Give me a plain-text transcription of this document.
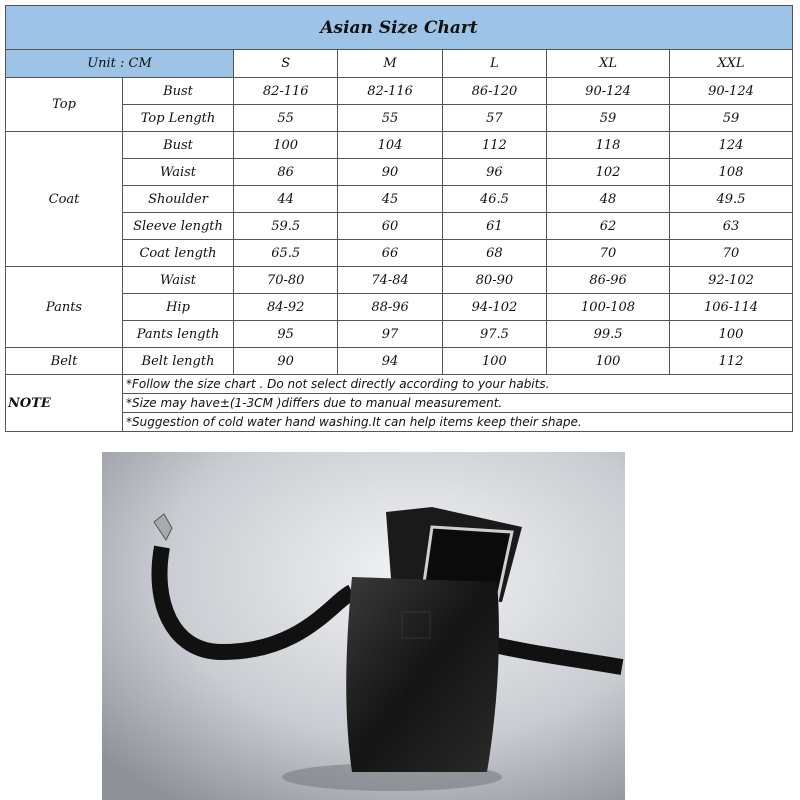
Asian Size Chart						
Unit : CM		S	M	L	XL	XXL
Top	Bust	82-116	82-116	86-120	90-124	90-124
	Top Length	55	55	57	59	59
Coat	Bust	100	104	112	118	124
	Waist	86	90	96	102	108
	Shoulder	44	45	46.5	48	49.5
	Sleeve length	59.5	60	61	62	63
	Coat length	65.5	66	68	70	70
Pants	Waist	70-80	74-84	80-90	86-96	92-102
	Hip	84-92	88-96	94-102	100-108	106-114
	Pants length	95	97	97.5	99.5	100
Belt	Belt length	90	94	100	100	112
NOTE	*Follow the size chart . Do not select directly according to your habits.					
	*Size may have±(1-3CM )differs due to manual measurement.					
	*Suggestion of cold water hand washing.It can help items keep their shape.					
